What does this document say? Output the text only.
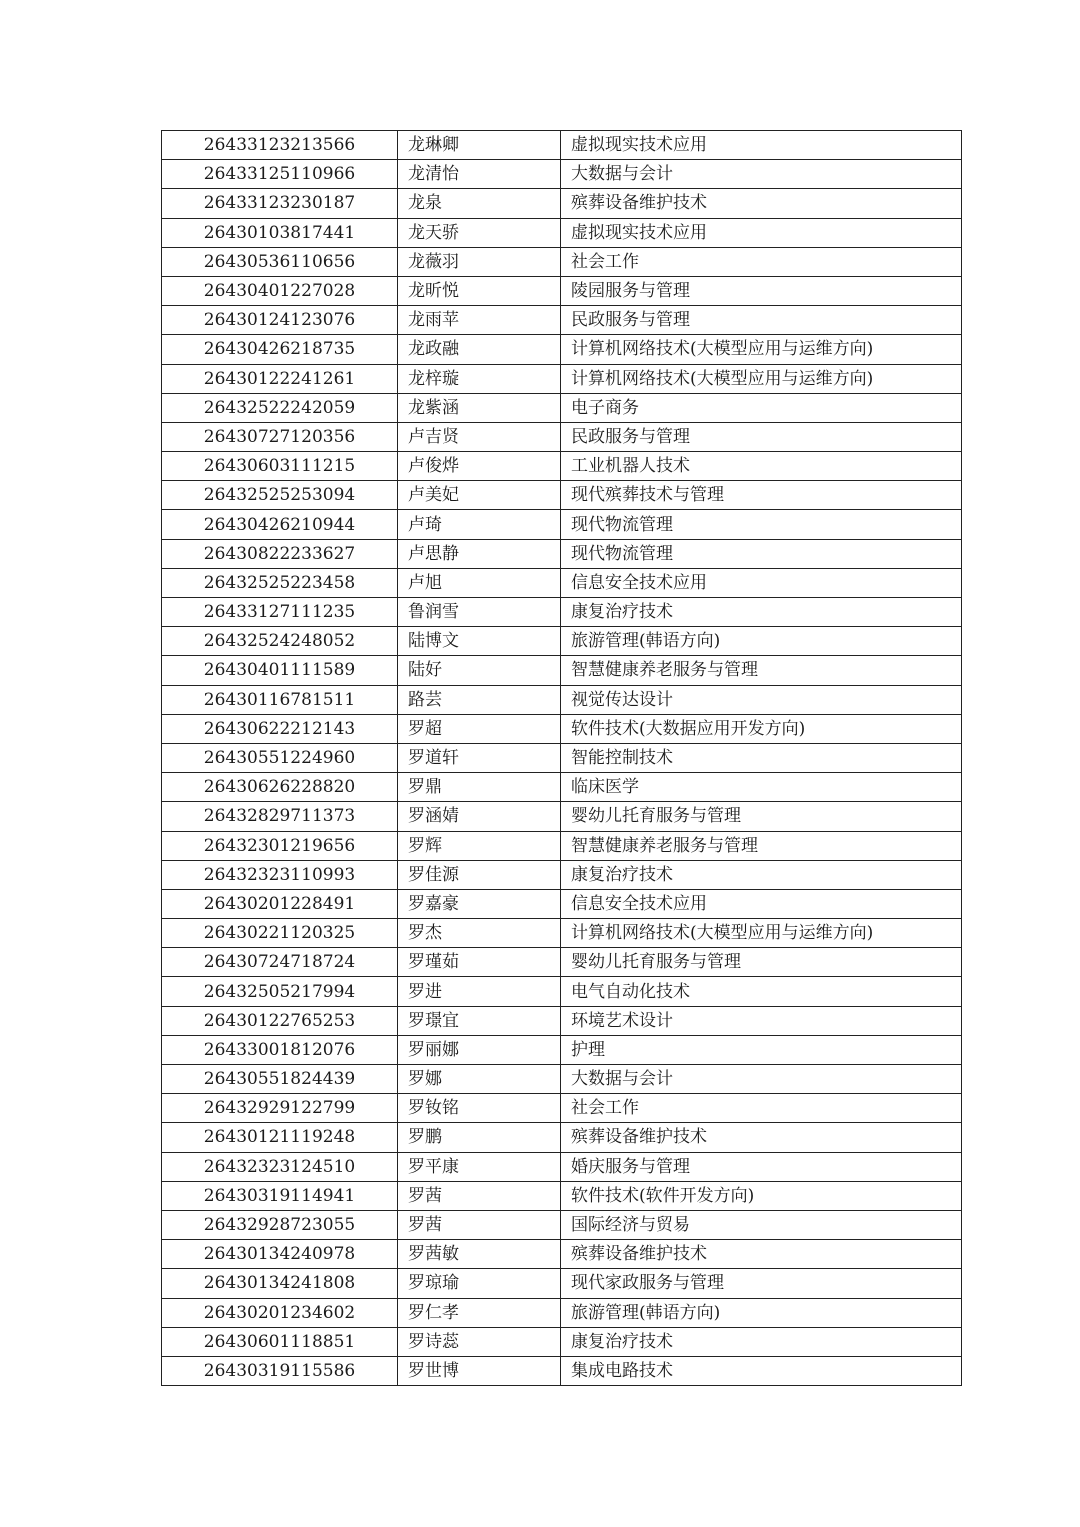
26433123213566	龙琳卿	虚拟现实技术应用
26433125110966	龙清怡	大数据与会计
26433123230187	龙泉	殡葬设备维护技术
26430103817441	龙天骄	虚拟现实技术应用
26430536110656	龙薇羽	社会工作
26430401227028	龙昕悦	陵园服务与管理
26430124123076	龙雨苹	民政服务与管理
26430426218735	龙政融	计算机网络技术(大模型应用与运维方向)
26430122241261	龙梓璇	计算机网络技术(大模型应用与运维方向)
26432522242059	龙紫涵	电子商务
26430727120356	卢吉贤	民政服务与管理
26430603111215	卢俊烨	工业机器人技术
26432525253094	卢美妃	现代殡葬技术与管理
26430426210944	卢琦	现代物流管理
26430822233627	卢思静	现代物流管理
26432525223458	卢旭	信息安全技术应用
26433127111235	鲁润雪	康复治疗技术
26432524248052	陆博文	旅游管理(韩语方向)
26430401111589	陆好	智慧健康养老服务与管理
26430116781511	路芸	视觉传达设计
26430622212143	罗超	软件技术(大数据应用开发方向)
26430551224960	罗道轩	智能控制技术
26430626228820	罗鼎	临床医学
26432829711373	罗涵婧	婴幼儿托育服务与管理
26432301219656	罗辉	智慧健康养老服务与管理
26432323110993	罗佳源	康复治疗技术
26430201228491	罗嘉豪	信息安全技术应用
26430221120325	罗杰	计算机网络技术(大模型应用与运维方向)
26430724718724	罗瑾茹	婴幼儿托育服务与管理
26432505217994	罗进	电气自动化技术
26430122765253	罗璟宜	环境艺术设计
26433001812076	罗丽娜	护理
26430551824439	罗娜	大数据与会计
26432929122799	罗钕铭	社会工作
26430121119248	罗鹏	殡葬设备维护技术
26432323124510	罗平康	婚庆服务与管理
26430319114941	罗茜	软件技术(软件开发方向)
26432928723055	罗茜	国际经济与贸易
26430134240978	罗茜敏	殡葬设备维护技术
26430134241808	罗琼瑜	现代家政服务与管理
26430201234602	罗仁孝	旅游管理(韩语方向)
26430601118851	罗诗蕊	康复治疗技术
26430319115586	罗世博	集成电路技术
